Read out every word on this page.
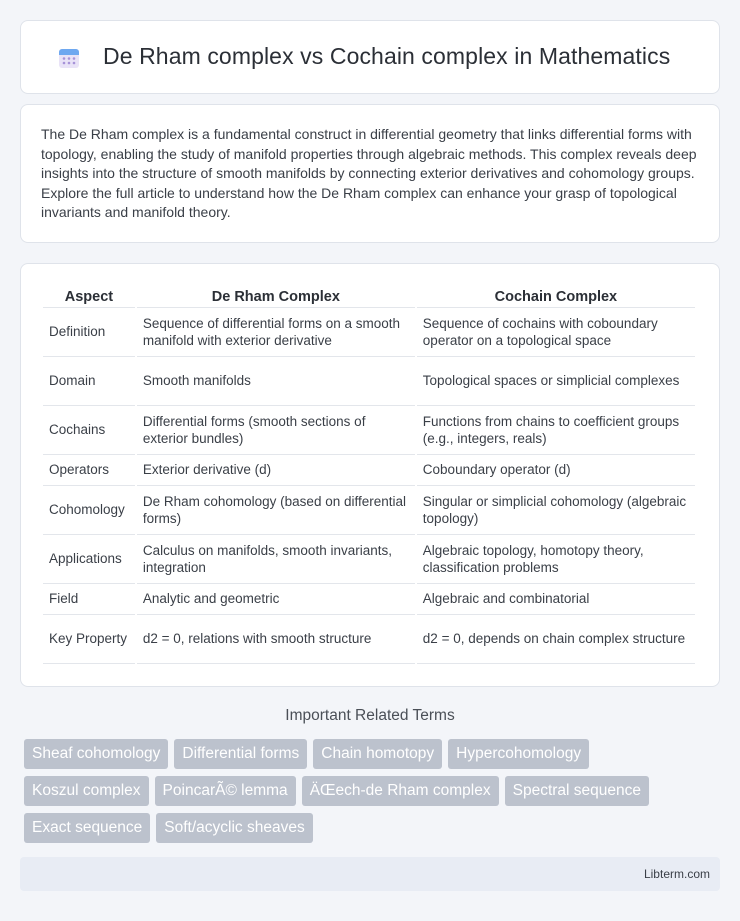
De Rham complex vs Cochain complex in Mathematics

The De Rham complex is a fundamental construct in differential geometry that links differential forms with topology, enabling the study of manifold properties through algebraic methods. This complex reveals deep insights into the structure of smooth manifolds by connecting exterior derivatives and cohomology groups. Explore the full article to understand how the De Rham complex can enhance your grasp of topological invariants and manifold theory.

Aspect	De Rham Complex	Cochain Complex
Definition	Sequence of differential forms on a smooth manifold with exterior derivative	Sequence of cochains with coboundary operator on a topological space
Domain	Smooth manifolds	Topological spaces or simplicial complexes
Cochains	Differential forms (smooth sections of exterior bundles)	Functions from chains to coefficient groups (e.g., integers, reals)
Operators	Exterior derivative (d)	Coboundary operator (d)
Cohomology	De Rham cohomology (based on differential forms)	Singular or simplicial cohomology (algebraic topology)
Applications	Calculus on manifolds, smooth invariants, integration	Algebraic topology, homotopy theory, classification problems
Field	Analytic and geometric	Algebraic and combinatorial
Key Property	d2 = 0, relations with smooth structure	d2 = 0, depends on chain complex structure
Important Related Terms
Sheaf cohomology	Differential forms	Chain homotopy	Hypercohomology
Koszul complex	PoincarÃ© lemma	ÄŒech-de Rham complex	Spectral sequence
Exact sequence	Soft/acyclic sheaves
Libterm.com
